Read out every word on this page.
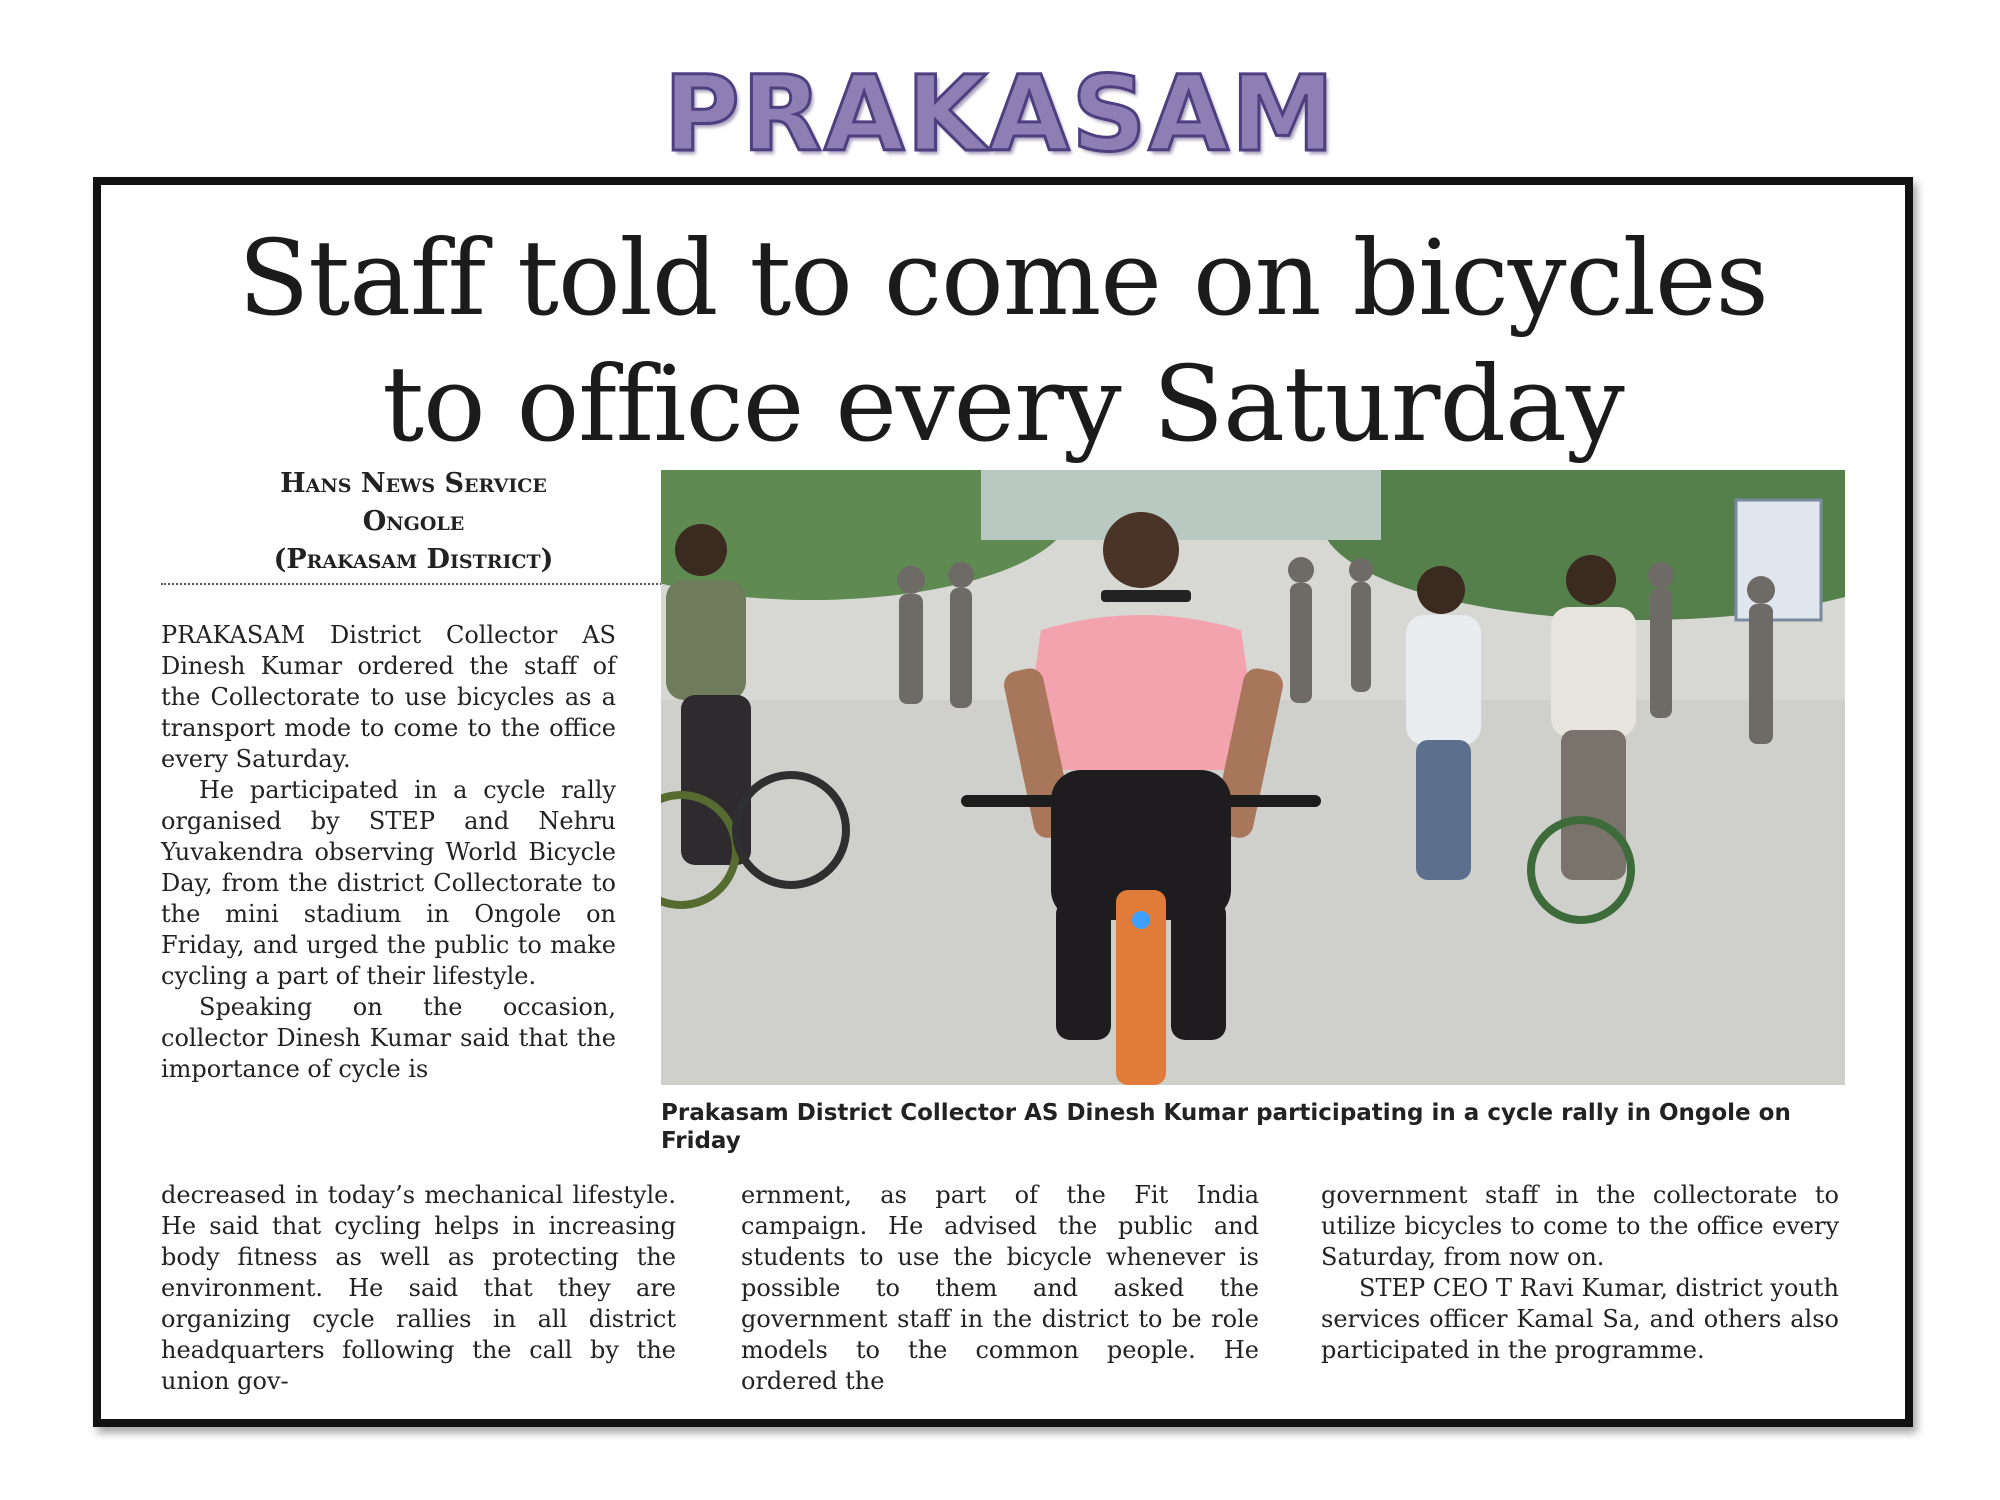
PRAKASAM
Staff told to come on bicycles
to office every Saturday
Hans News Service
Ongole
(Prakasam District)

PRAKASAM District Collector AS Dinesh Kumar ordered the staff of the Collectorate to use bicycles as a transport mode to come to the office every Saturday.

He participated in a cycle rally organised by STEP and Nehru Yuvakendra observing World Bicycle Day, from the district Collectorate to the mini stadium in Ongole on Friday, and urged the public to make cycling a part of their lifestyle.

Speaking on the occasion, collector Dinesh Kumar said that the importance of cycle is

decreased in today’s mechanical lifestyle. He said that cycling helps in increasing body fitness as well as protecting the environment. He said that they are organizing cycle rallies in all district headquarters following the call by the union gov-

ernment, as part of the Fit India campaign. He advised the public and students to use the bicycle whenever is possible to them and asked the government staff in the district to be role models to the common people. He ordered the

government staff in the collectorate to utilize bicycles to come to the office every Saturday, from now on.

STEP CEO T Ravi Kumar, district youth services officer Kamal Sa, and others also participated in the programme.

Prakasam District Collector AS Dinesh Kumar participating in a cycle rally in Ongole on Friday
